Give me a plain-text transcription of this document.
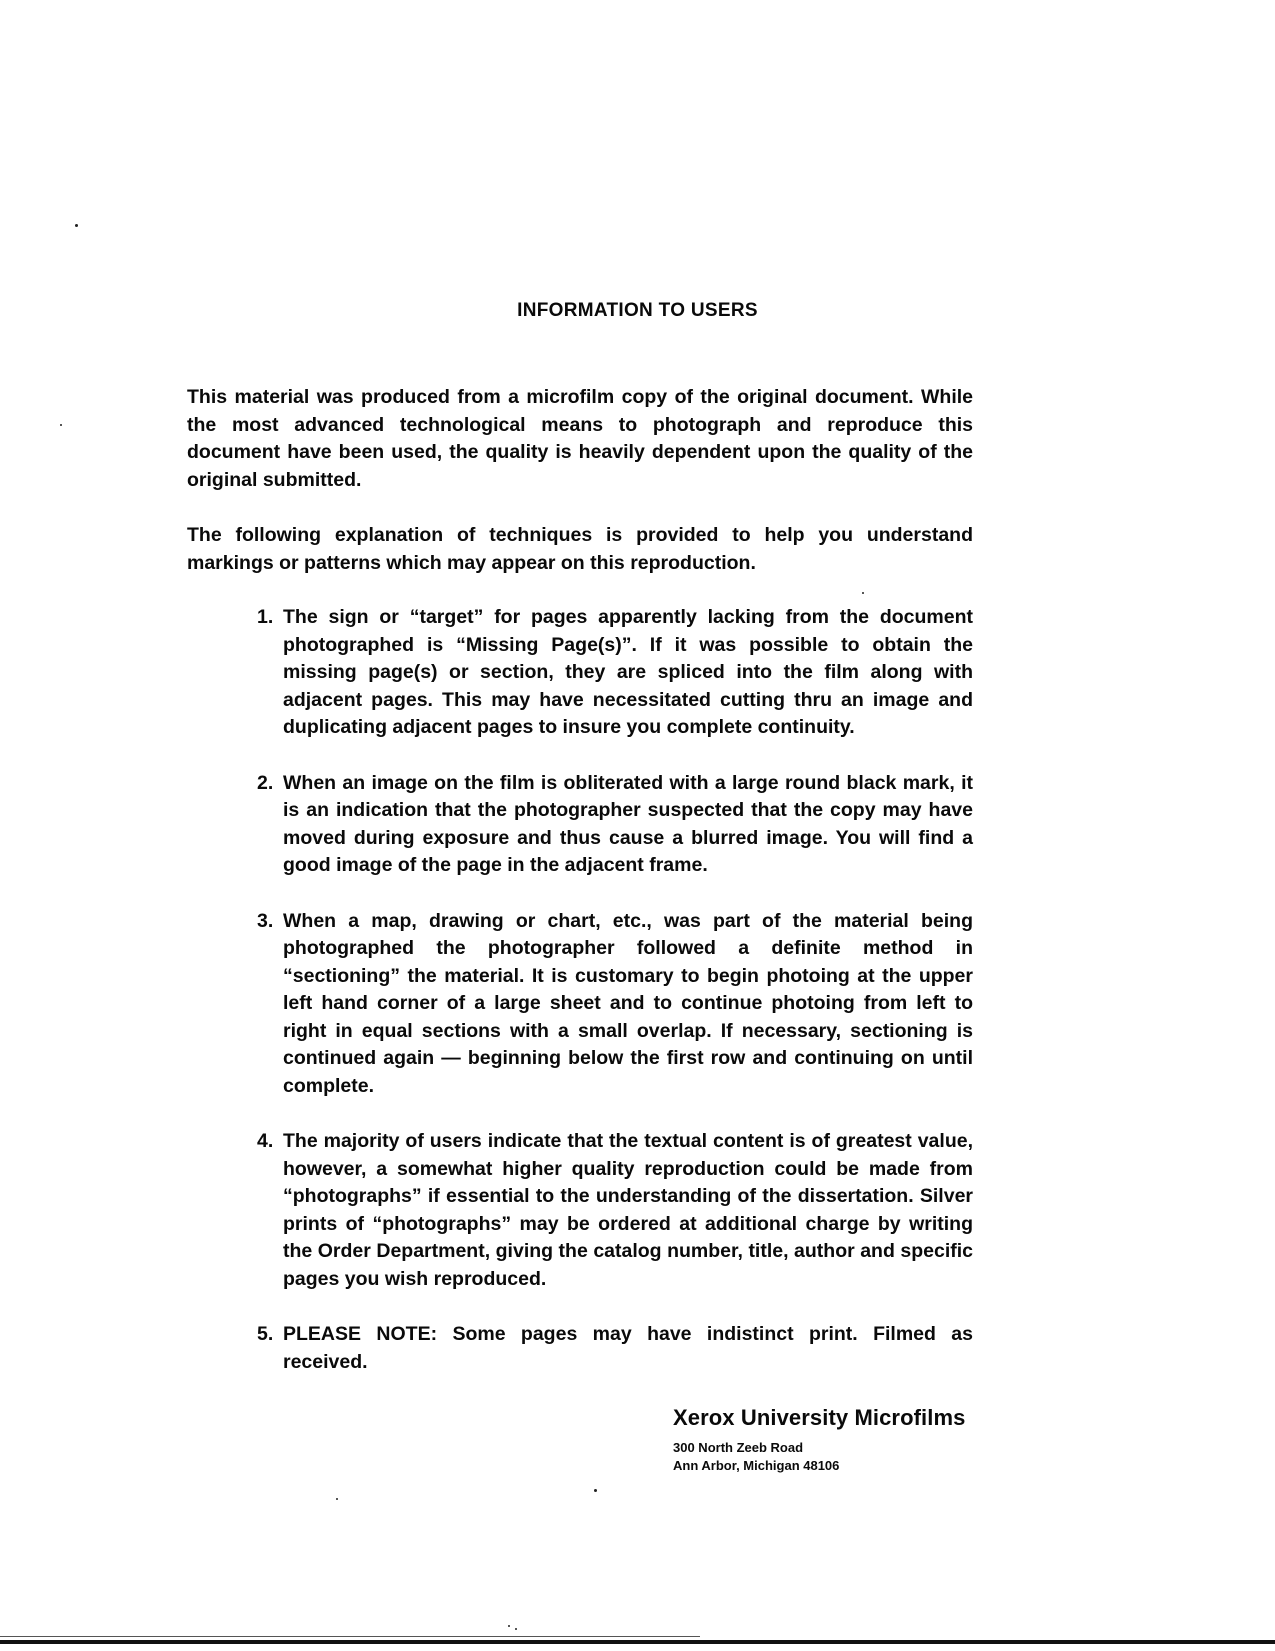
INFORMATION TO USERS
This material was produced from a microfilm copy of the original document. While the most advanced technological means to photograph and reproduce this document have been used, the quality is heavily dependent upon the quality of the original submitted.
The following explanation of techniques is provided to help you understand markings or patterns which may appear on this reproduction.
1. The sign or “target” for pages apparently lacking from the document photographed is “Missing Page(s)”. If it was possible to obtain the missing page(s) or section, they are spliced into the film along with adjacent pages. This may have necessitated cutting thru an image and duplicating adjacent pages to insure you complete continuity.
2. When an image on the film is obliterated with a large round black mark, it is an indication that the photographer suspected that the copy may have moved during exposure and thus cause a blurred image. You will find a good image of the page in the adjacent frame.
3. When a map, drawing or chart, etc., was part of the material being photographed the photographer followed a definite method in “sectioning” the material. It is customary to begin photoing at the upper left hand corner of a large sheet and to continue photoing from left to right in equal sections with a small overlap. If necessary, sectioning is continued again — beginning below the first row and continuing on until complete.
4. The majority of users indicate that the textual content is of greatest value, however, a somewhat higher quality reproduction could be made from “photographs” if essential to the understanding of the dissertation. Silver prints of “photographs” may be ordered at additional charge by writing the Order Department, giving the catalog number, title, author and specific pages you wish reproduced.
5. PLEASE NOTE: Some pages may have indistinct print. Filmed as received.
Xerox University Microfilms
300 North Zeeb Road
Ann Arbor, Michigan 48106
